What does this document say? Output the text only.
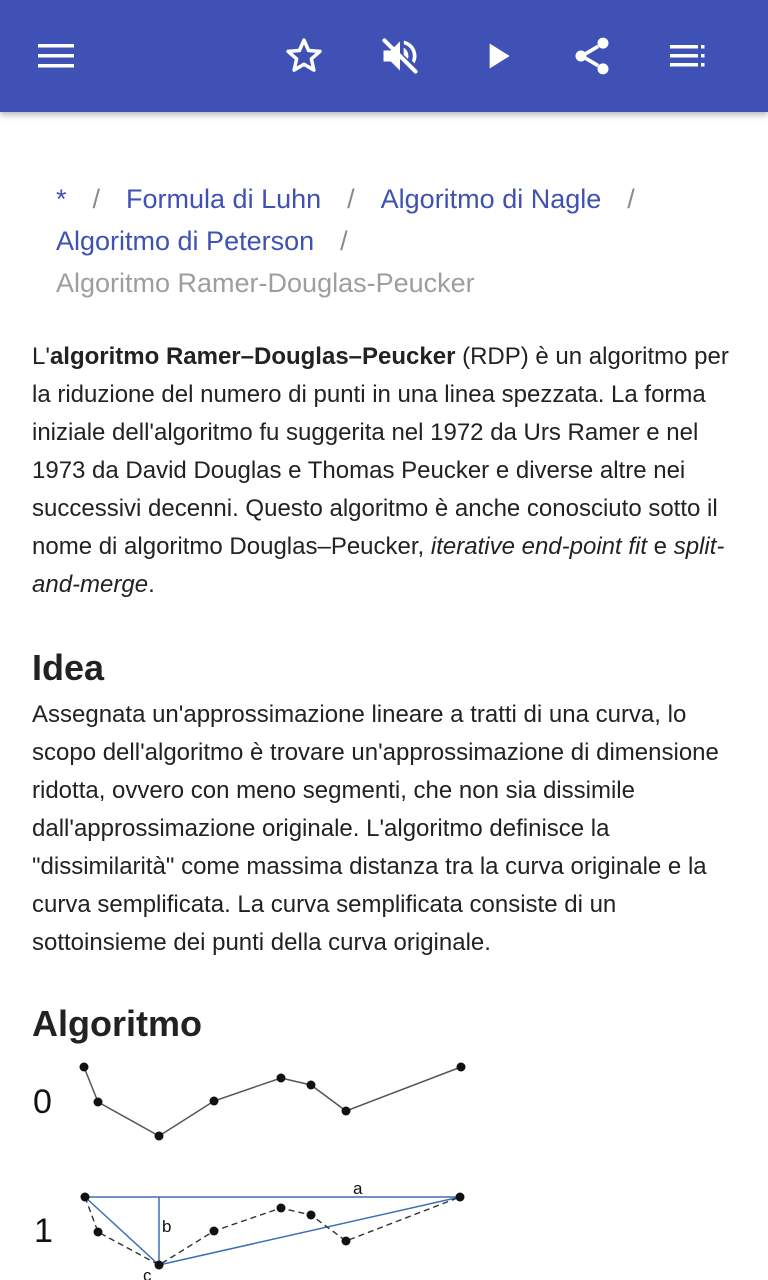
* / Formula di Luhn / Algoritmo di Nagle /
Algoritmo di Peterson /
Algoritmo Ramer-Douglas-Peucker

L'algoritmo Ramer–Douglas–Peucker (RDP) è un algoritmo per la riduzione del numero di punti in una linea spezzata. La forma iniziale dell'algoritmo fu suggerita nel 1972 da Urs Ramer e nel 1973 da David Douglas e Thomas Peucker e diverse altre nei successivi decenni. Questo algoritmo è anche conosciuto sotto il nome di algoritmo Douglas–Peucker, iterative end-point fit e split-and-merge.

Idea

Assegnata un'approssimazione lineare a tratti di una curva, lo scopo dell'algoritmo è trovare un'approssimazione di dimensione ridotta, ovvero con meno segmenti, che non sia dissimile dall'approssimazione originale. L'algoritmo definisce la "dissimilarità" come massima distanza tra la curva originale e la curva semplificata. La curva semplificata consiste di un sottoinsieme dei punti della curva originale.

Algoritmo
0
1
a
b
c
